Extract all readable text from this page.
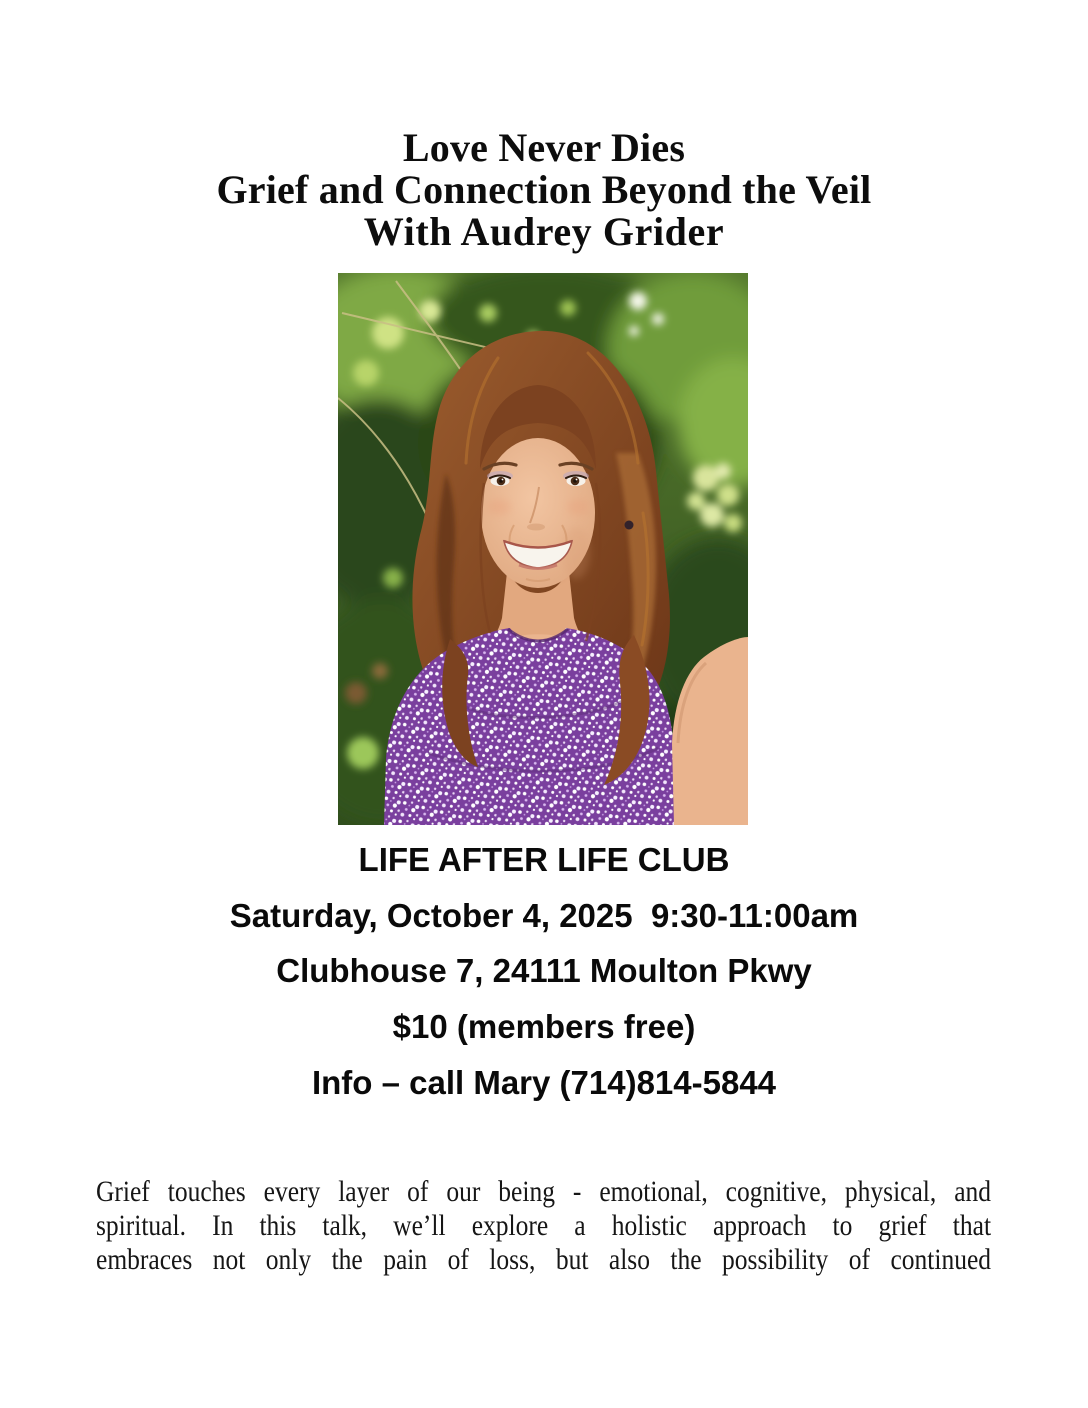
Love Never Dies
Grief and Connection Beyond the Veil
With Audrey Grider
LIFE AFTER LIFE CLUB
Saturday, October 4, 2025  9:30-11:00am
Clubhouse 7, 24111 Moulton Pkwy
$10 (members free)
Info – call Mary (714)814-5844
Grief touches every layer of our being - emotional, cognitive, physical, and
spiritual. In this talk, we’ll explore a holistic approach to grief that
embraces not only the pain of loss, but also the possibility of continued
